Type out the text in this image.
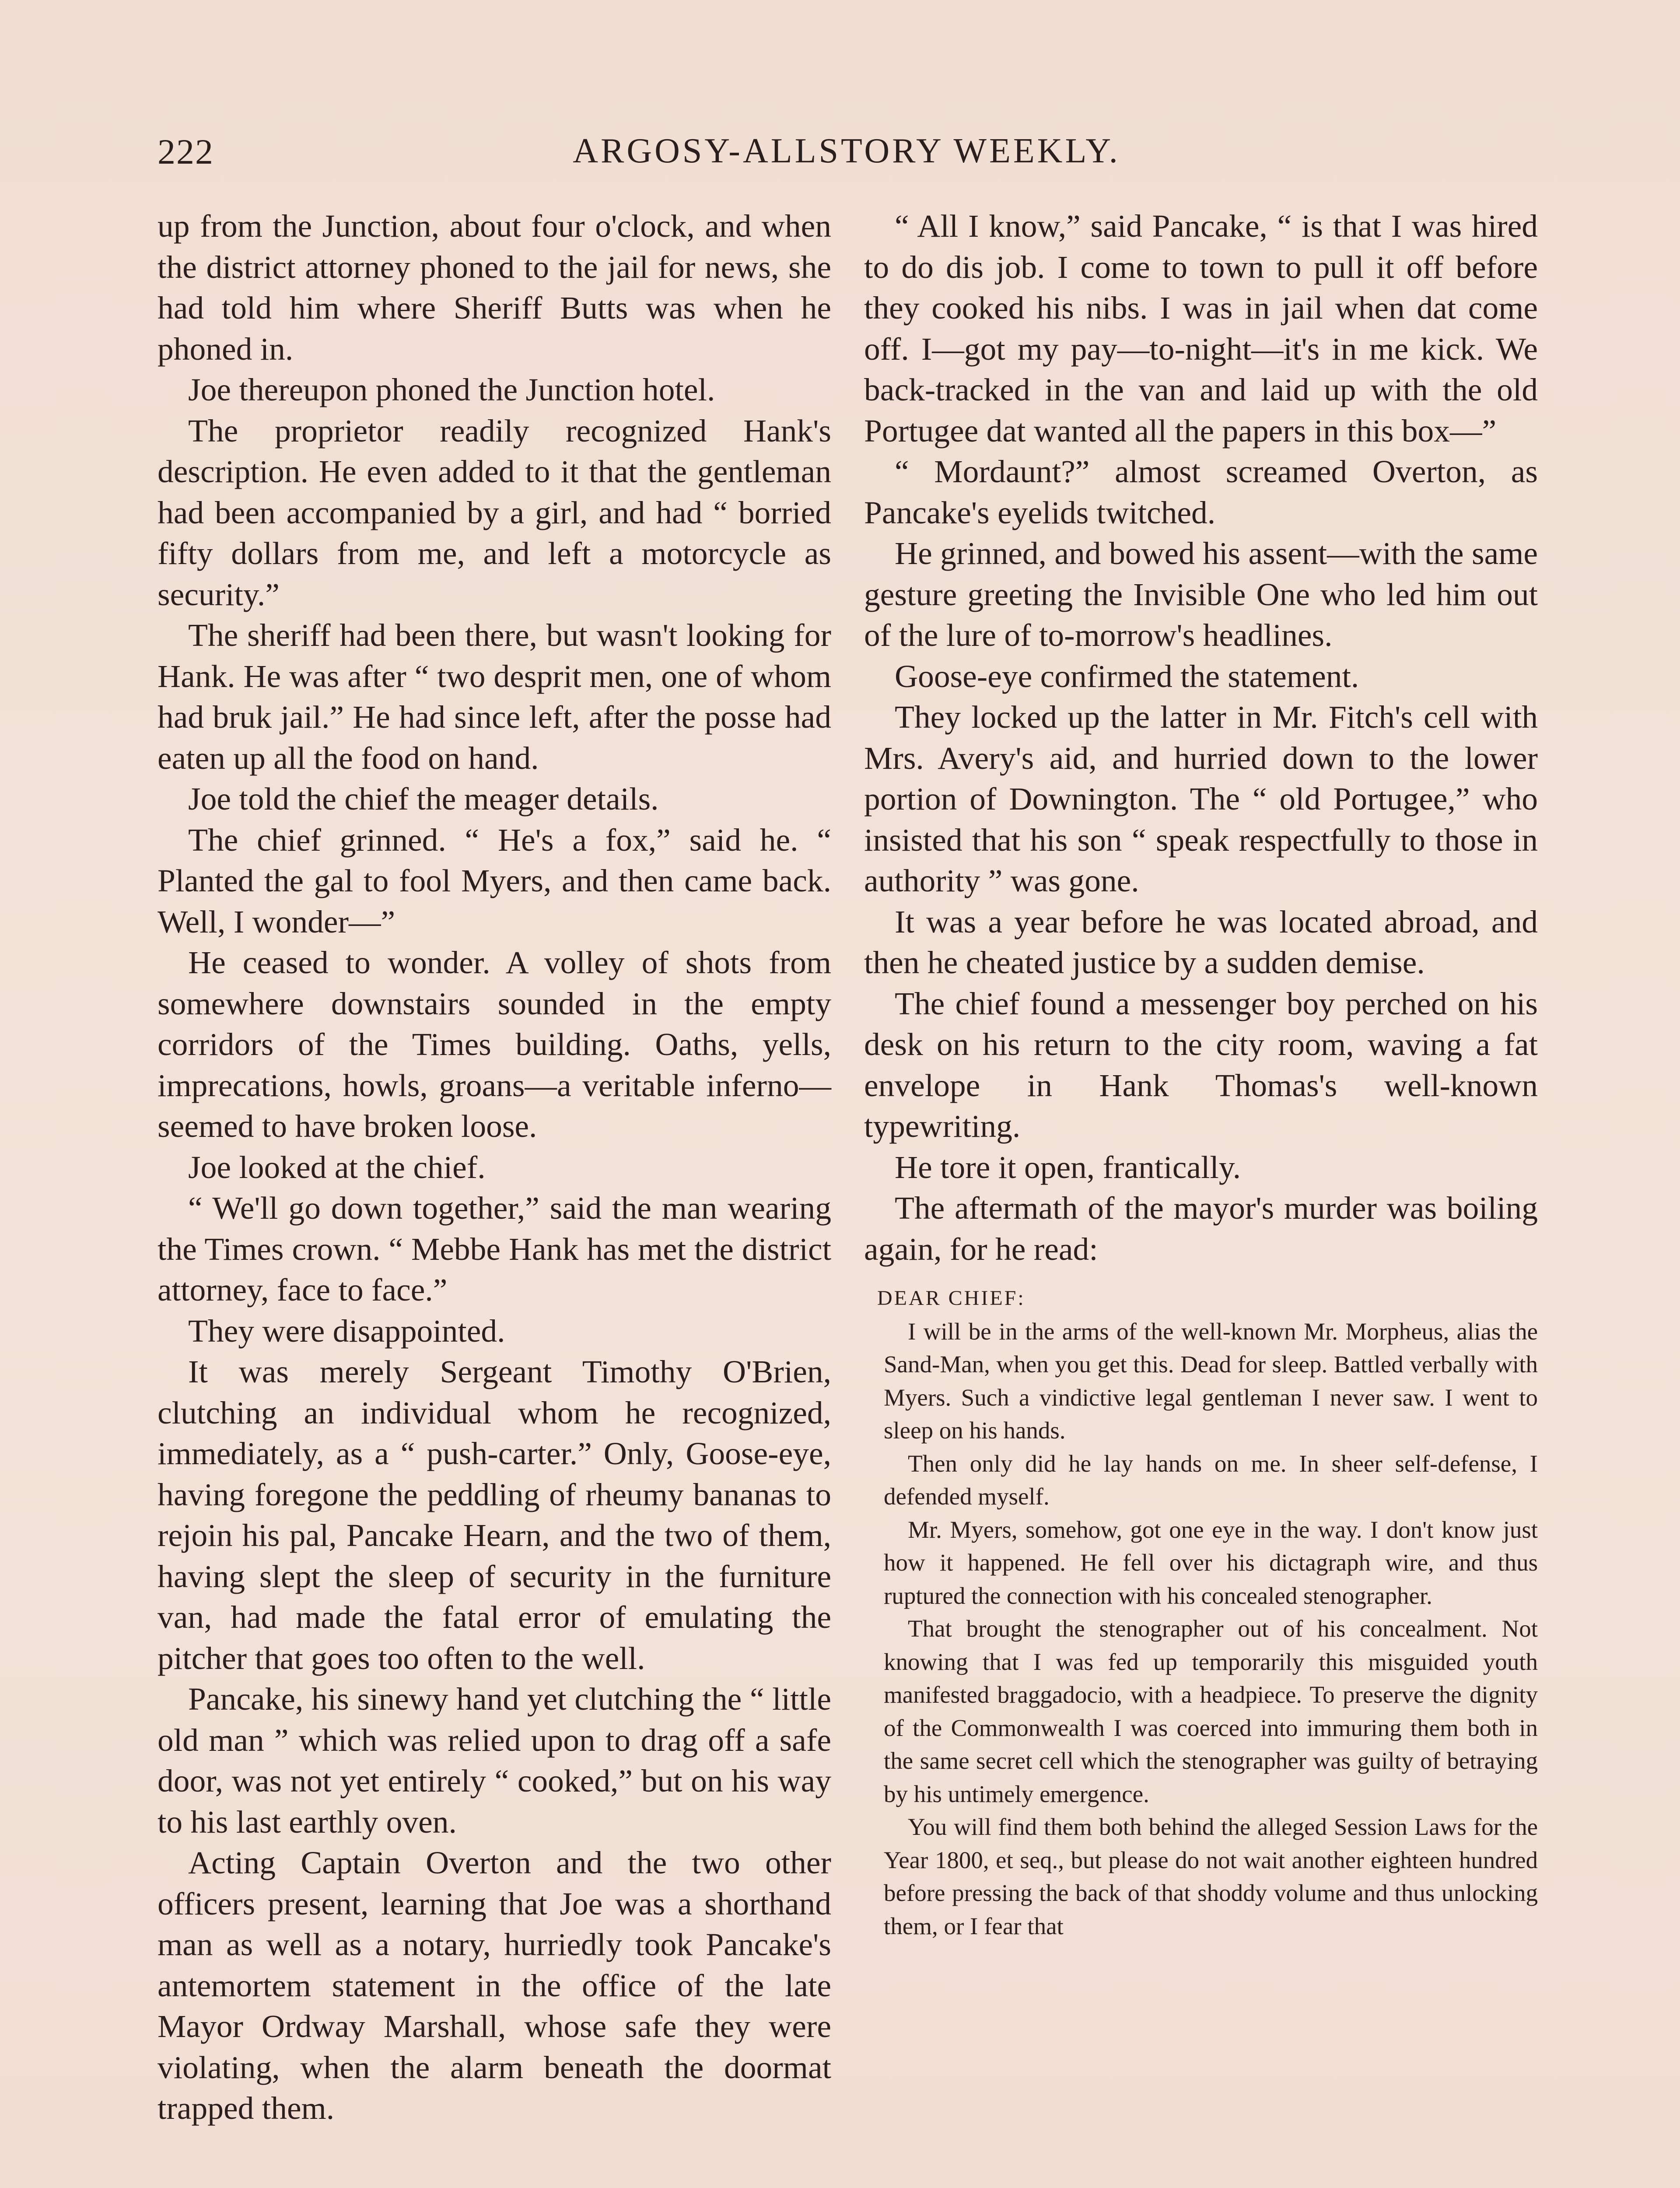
222	ARGOSY-ALLSTORY WEEKLY.

up from the Junction, about four o'clock, and when the district attorney phoned to the jail for news, she had told him where Sheriff Butts was when he phoned in.

Joe thereupon phoned the Junction hotel.

The proprietor readily recognized Hank's description. He even added to it that the gentleman had been accompanied by a girl, and had “ borried fifty dollars from me, and left a motorcycle as security.”

The sheriff had been there, but wasn't looking for Hank. He was after “ two desprit men, one of whom had bruk jail.” He had since left, after the posse had eaten up all the food on hand.

Joe told the chief the meager details.

The chief grinned. “ He's a fox,” said he. “ Planted the gal to fool Myers, and then came back. Well, I wonder—”

He ceased to wonder. A volley of shots from somewhere downstairs sounded in the empty corridors of the Times building. Oaths, yells, imprecations, howls, groans—a veritable inferno—seemed to have broken loose.

Joe looked at the chief.

“ We'll go down together,” said the man wearing the Times crown. “ Mebbe Hank has met the district attorney, face to face.”

They were disappointed.

It was merely Sergeant Timothy O'Brien, clutching an individual whom he recognized, immediately, as a “ push-carter.” Only, Goose-eye, having foregone the peddling of rheumy bananas to rejoin his pal, Pancake Hearn, and the two of them, having slept the sleep of security in the furniture van, had made the fatal error of emulating the pitcher that goes too often to the well.

Pancake, his sinewy hand yet clutching the “ little old man ” which was relied upon to drag off a safe door, was not yet entirely “ cooked,” but on his way to his last earthly oven.

Acting Captain Overton and the two other officers present, learning that Joe was a shorthand man as well as a notary, hurriedly took Pancake's antemortem statement in the office of the late Mayor Ordway Marshall, whose safe they were violating, when the alarm beneath the doormat trapped them.

“ All I know,” said Pancake, “ is that I was hired to do dis job. I come to town to pull it off before they cooked his nibs. I was in jail when dat come off. I—got my pay—to-night—it's in me kick. We back-tracked in the van and laid up with the old Portugee dat wanted all the papers in this box—”

“ Mordaunt?” almost screamed Overton, as Pancake's eyelids twitched.

He grinned, and bowed his assent—with the same gesture greeting the Invisible One who led him out of the lure of to-morrow's headlines.

Goose-eye confirmed the statement.

They locked up the latter in Mr. Fitch's cell with Mrs. Avery's aid, and hurried down to the lower portion of Downington. The “ old Portugee,” who insisted that his son “ speak respectfully to those in authority ” was gone.

It was a year before he was located abroad, and then he cheated justice by a sudden demise.

The chief found a messenger boy perched on his desk on his return to the city room, waving a fat envelope in Hank Thomas's well-known typewriting.

He tore it open, frantically.

The aftermath of the mayor's murder was boiling again, for he read:

DEAR CHIEF:

I will be in the arms of the well-known Mr. Morpheus, alias the Sand-Man, when you get this. Dead for sleep. Battled verbally with Myers. Such a vindictive legal gentleman I never saw. I went to sleep on his hands.

Then only did he lay hands on me. In sheer self-defense, I defended myself.

Mr. Myers, somehow, got one eye in the way. I don't know just how it happened. He fell over his dictagraph wire, and thus ruptured the connection with his concealed stenographer.

That brought the stenographer out of his concealment. Not knowing that I was fed up temporarily this misguided youth manifested braggadocio, with a headpiece. To preserve the dignity of the Commonwealth I was coerced into immuring them both in the same secret cell which the stenographer was guilty of betraying by his untimely emergence.

You will find them both behind the alleged Session Laws for the Year 1800, et seq., but please do not wait another eighteen hundred before pressing the back of that shoddy volume and thus unlocking them, or I fear that
